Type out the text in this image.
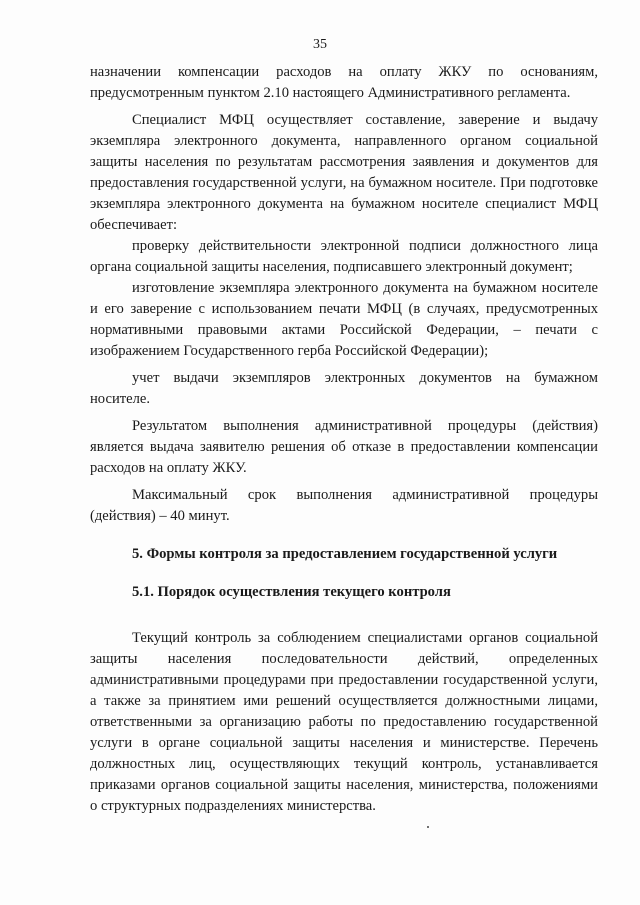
35

назначении компенсации расходов на оплату ЖКУ по основаниям, предусмотренным пунктом 2.10 настоящего Административного регламента.

Специалист МФЦ осуществляет составление, заверение и выдачу экземпляра электронного документа, направленного органом социальной защиты населения по результатам рассмотрения заявления и документов для предоставления государственной услуги, на бумажном носителе. При подготовке экземпляра электронного документа на бумажном носителе специалист МФЦ обеспечивает:

проверку действительности электронной подписи должностного лица органа социальной защиты населения, подписавшего электронный документ;

изготовление экземпляра электронного документа на бумажном носителе и его заверение с использованием печати МФЦ (в случаях, предусмотренных нормативными правовыми актами Российской Федерации, – печати с изображением Государственного герба Российской Федерации);

учет выдачи экземпляров электронных документов на бумажном носителе.

Результатом выполнения административной процедуры (действия) является выдача заявителю решения об отказе в предоставлении компенсации расходов на оплату ЖКУ.

Максимальный срок выполнения административной процедуры (действия) – 40 минут.

5. Формы контроля за предоставлением государственной услуги

5.1. Порядок осуществления текущего контроля

Текущий контроль за соблюдением специалистами органов социальной защиты населения последовательности действий, определенных административными процедурами при предоставлении государственной услуги, а также за принятием ими решений осуществляется должностными лицами, ответственными за организацию работы по предоставлению государственной услуги в органе социальной защиты населения и министерстве. Перечень должностных лиц, осуществляющих текущий контроль, устанавливается приказами органов социальной защиты населения, министерства, положениями о структурных подразделениях министерства.
